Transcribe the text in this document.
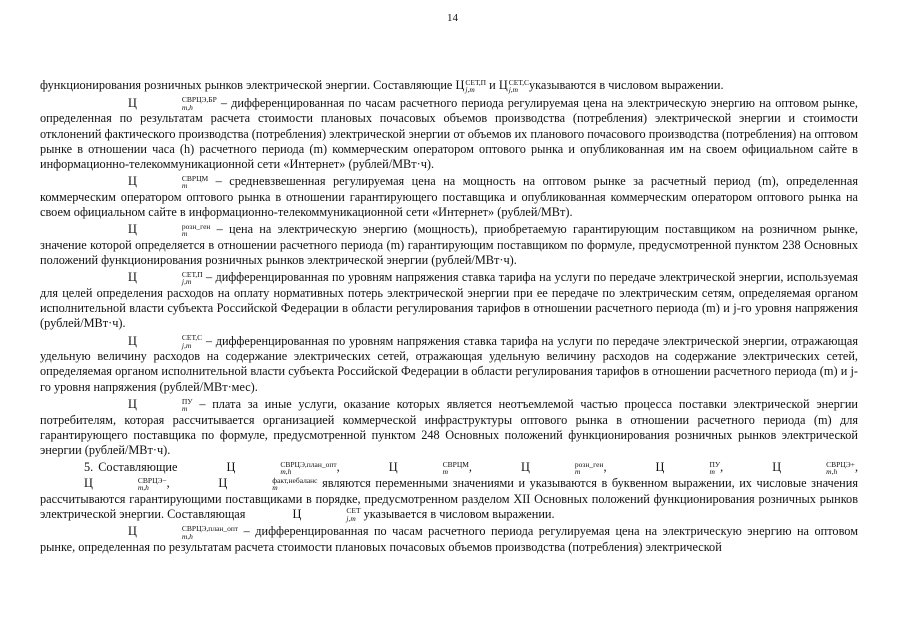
14

функционирования розничных рынков электрической энергии. Составляющие Ц СЕТ,П
j,m и Ц СЕТ,С
j,m указываются в числовом выражении.

Ц	СВРЦЭ,БР
m,h	– дифференцированная по часам расчетного периода регулируемая цена на электрическую энергию на оптовом рынке, определенная по результатам расчета стоимости плановых почасовых объемов производства (потребления) электрической энергии и стоимости отклонений фактического производства (потребления) электрической энергии от объемов их планового почасового производства (потребления) на оптовом рынке в отношении часа (h) расчетного периода (m) коммерческим оператором оптового рынка и опубликованная им на своем официальном сайте в информационно-телекоммуникационной сети «Интернет» (рублей/МВт·ч).

Ц	СВРЦМ
m	– средневзвешенная регулируемая цена на мощность на оптовом рынке за расчетный период (m), определенная коммерческим оператором оптового рынка в отношении гарантирующего поставщика и опубликованная коммерческим оператором оптового рынка на своем официальном сайте в информационно-телекоммуникационной сети «Интернет» (рублей/МВт).

Ц	розн_ген
m	– цена на электрическую энергию (мощность), приобретаемую гарантирующим поставщиком на розничном рынке, значение которой определяется в отношении расчетного периода (m) гарантирующим поставщиком по формуле, предусмотренной пунктом 238 Основных положений функционирования розничных рынков электрической энергии (рублей/МВт·ч).

Ц	СЕТ,П
j,m – дифференцированная по уровням напряжения ставка тарифа на услуги по передаче электрической энергии, используемая для целей определения расходов на оплату нормативных потерь электрической энергии при ее передаче по электрическим сетям, определяемая органом исполнительной власти субъекта Российской Федерации в области регулирования тарифов в отношении расчетного периода (m) и j-го уровня напряжения (рублей/МВт·ч).

Ц	СЕТ,С
j,m – дифференцированная по уровням напряжения ставка тарифа на услуги по передаче электрической энергии, отражающая удельную величину расходов на содержание электрических сетей, отражающая удельную величину расходов на содержание электрических сетей, определяемая органом исполнительной власти субъекта Российской Федерации в области регулирования тарифов в отношении расчетного периода (m) и j-го уровня напряжения (рублей/МВт·мес).

Ц	ПУ
m – плата за иные услуги, оказание которых является неотъемлемой частью процесса поставки электрической энергии потребителям, которая рассчитывается организацией коммерческой инфраструктуры оптового рынка в отношении расчетного периода (m) для гарантирующего поставщика по формуле, предусмотренной пунктом 248 Основных положений функционирования розничных рынков электрической энергии (рублей/МВт·ч).

5. Составляющие	Ц	СВРЦЭ,план_опт
m,h	,	Ц	СВРЦМ
m	,	Ц	розн_ген
m	,	Ц	ПУ
m ,	Ц	СВРЦЭ+
m,h	, Ц	СВРЦЭ−
m,h	,	Ц	факт,небаланс
m	являются переменными значениями и указываются в буквенном выражении, их числовые значения рассчитываются гарантирующими поставщиками в порядке, предусмотренном разделом XII Основных положений функционирования розничных рынков электрической энергии. Составляющая	Ц	СЕТ
j,m указывается в числовом выражении.

Ц	СВРЦЭ,план_опт
m,h	– дифференцированная по часам расчетного периода регулируемая цена на электрическую энергию на оптовом рынке, определенная по результатам расчета стоимости плановых почасовых объемов производства (потребления) электрической
